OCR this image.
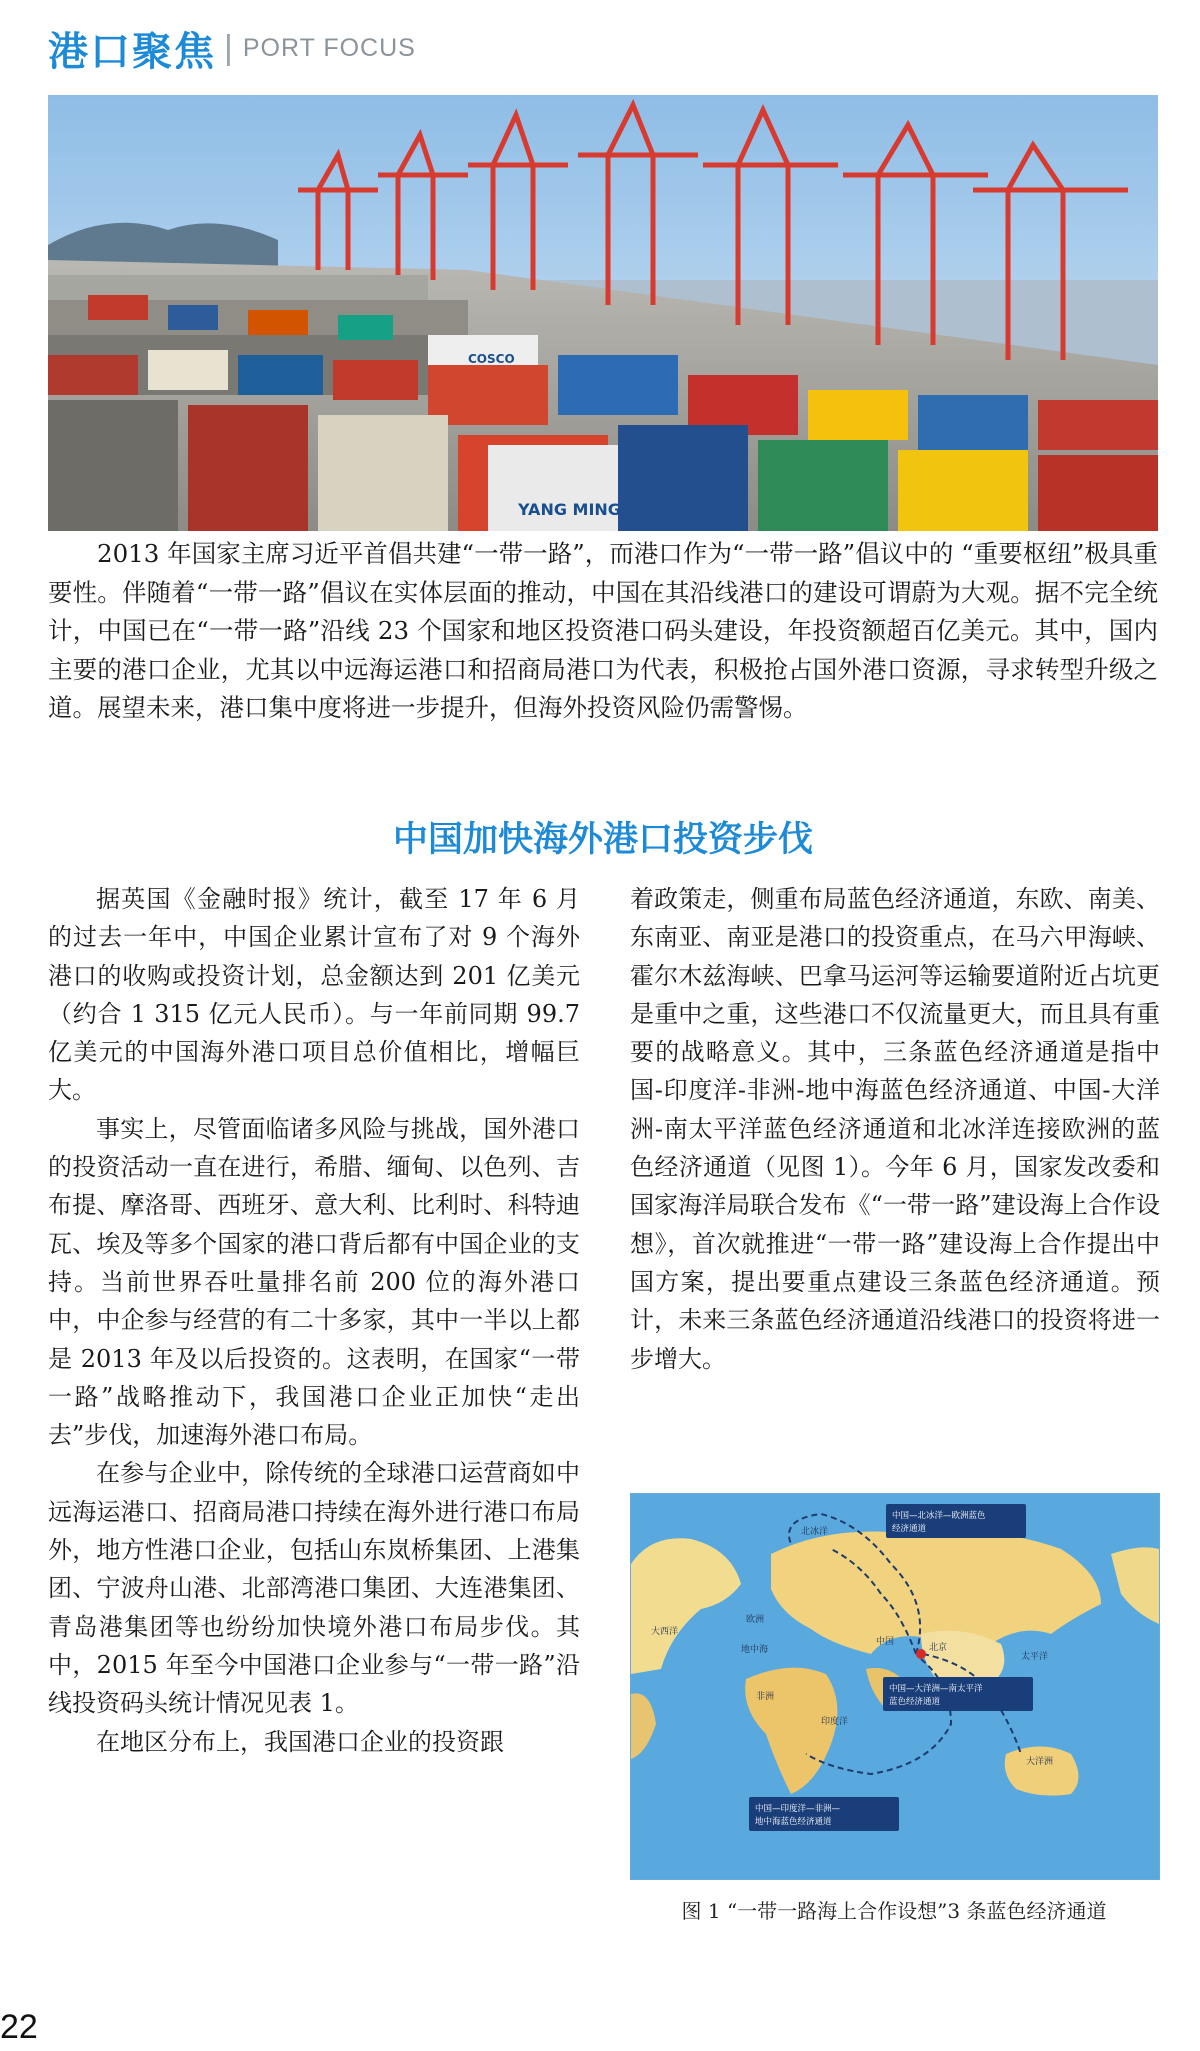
港口聚焦 | PORT FOCUS
COSCO
YANG MING

2013 年国家主席习近平首倡共建“一带一路”，而港口作为“一带一路”倡议中的 “重要枢纽”极具重要性。伴随着“一带一路”倡议在实体层面的推动，中国在其沿线港口的建设可谓蔚为大观。据不完全统计，中国已在“一带一路”沿线 23 个国家和地区投资港口码头建设，年投资额超百亿美元。其中，国内主要的港口企业，尤其以中远海运港口和招商局港口为代表，积极抢占国外港口资源，寻求转型升级之道。展望未来，港口集中度将进一步提升，但海外投资风险仍需警惕。

中国加快海外港口投资步伐

据英国《金融时报》统计，截至 17 年 6 月的过去一年中，中国企业累计宣布了对 9 个海外港口的收购或投资计划，总金额达到 201 亿美元（约合 1 315 亿元人民币）。与一年前同期 99.7 亿美元的中国海外港口项目总价值相比，增幅巨大。

事实上，尽管面临诸多风险与挑战，国外港口的投资活动一直在进行，希腊、缅甸、以色列、吉布提、摩洛哥、西班牙、意大利、比利时、科特迪瓦、埃及等多个国家的港口背后都有中国企业的支持。当前世界吞吐量排名前 200 位的海外港口中，中企参与经营的有二十多家，其中一半以上都是 2013 年及以后投资的。这表明，在国家“一带一路”战略推动下，我国港口企业正加快“走出去”步伐，加速海外港口布局。

在参与企业中，除传统的全球港口运营商如中远海运港口、招商局港口持续在海外进行港口布局外，地方性港口企业，包括山东岚桥集团、上港集团、宁波舟山港、北部湾港口集团、大连港集团、青岛港集团等也纷纷加快境外港口布局步伐。其中，2015 年至今中国港口企业参与“一带一路”沿线投资码头统计情况见表 1。

在地区分布上，我国港口企业的投资跟

着政策走，侧重布局蓝色经济通道，东欧、南美、东南亚、南亚是港口的投资重点，在马六甲海峡、霍尔木兹海峡、巴拿马运河等运输要道附近占坑更是重中之重，这些港口不仅流量更大，而且具有重要的战略意义。其中，三条蓝色经济通道是指中国-印度洋-非洲-地中海蓝色经济通道、中国-大洋洲-南太平洋蓝色经济通道和北冰洋连接欧洲的蓝色经济通道（见图 1）。今年 6 月，国家发改委和国家海洋局联合发布《“一带一路”建设海上合作设想》，首次就推进“一带一路”建设海上合作提出中国方案，提出要重点建设三条蓝色经济通道。预计，未来三条蓝色经济通道沿线港口的投资将进一步增大。

北冰洋
大西洋
太平洋
印度洋
欧洲
非洲
地中海
中国
北京
大洋洲
中国—北冰洋—欧洲蓝色
经济通道
中国—大洋洲—南太平洋
蓝色经济通道
中国—印度洋—非洲—
地中海蓝色经济通道
图 1 “一带一路海上合作设想”3 条蓝色经济通道
22
